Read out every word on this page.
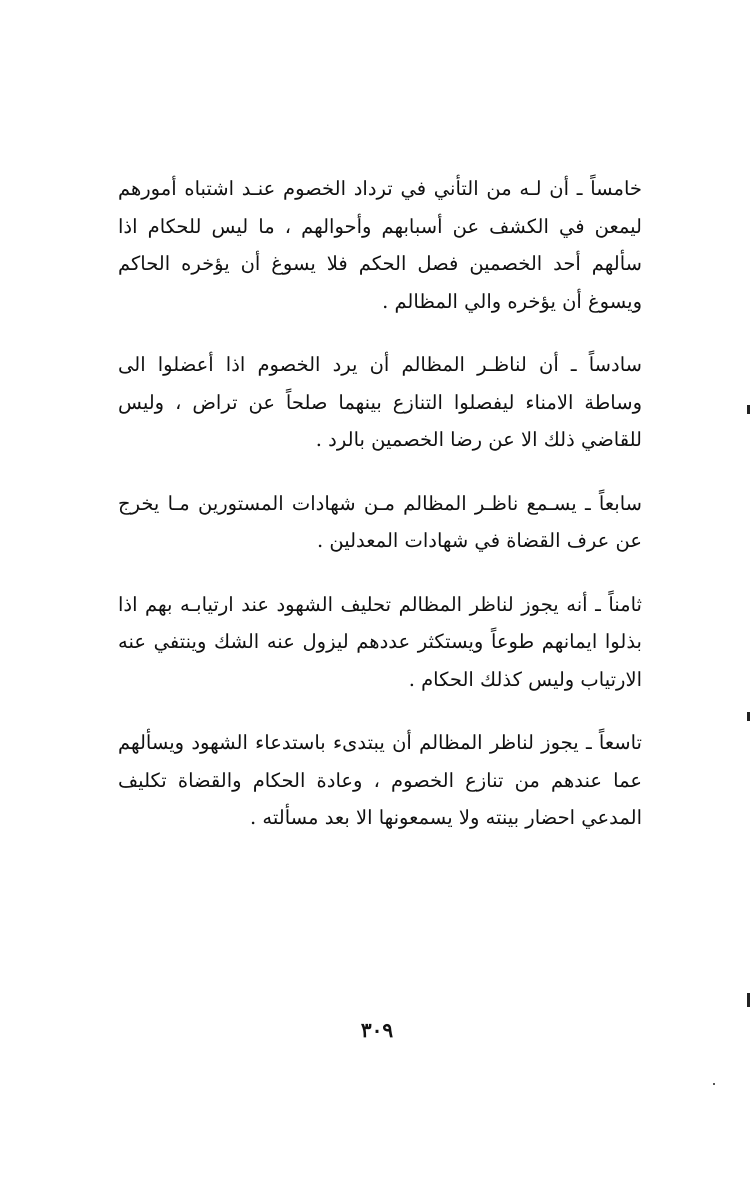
خامساً ـ أن لـه من التأني في ترداد الخصوم عنـد اشتباه أمورهم ليمعن في الكشف عن أسبابهم وأحوالهم ، ما ليس للحكام اذا سألهم أحد الخصمين فصل الحكم فلا يسوغ أن يؤخره الحاكم ويسوغ أن يؤخره والي المظالم .

سادساً ـ أن لناظـر المظالم أن يرد الخصوم اذا أعضلوا الى وساطة الامناء ليفصلوا التنازع بينهما صلحاً عن تراض ، وليس للقاضي ذلك الا عن رضا الخصمين بالرد .

سابعاً ـ يسـمع ناظـر المظالم مـن شهادات المستورين مـا يخرج عن عرف القضاة في شهادات المعدلين .

ثامناً ـ أنه يجوز لناظر المظالم تحليف الشهود عند ارتيابـه بهم اذا بذلوا ايمانهم طوعاً ويستكثر عددهم ليزول عنه الشك وينتفي عنه الارتياب وليس كذلك الحكام .

تاسعاً ـ يجوز لناظر المظالم أن يبتدىء باستدعاء الشهود ويسألهم عما عندهم من تنازع الخصوم ، وعادة الحكام والقضاة تكليف المدعي احضار بينته ولا يسمعونها الا بعد مسألته .

٣٠٩
